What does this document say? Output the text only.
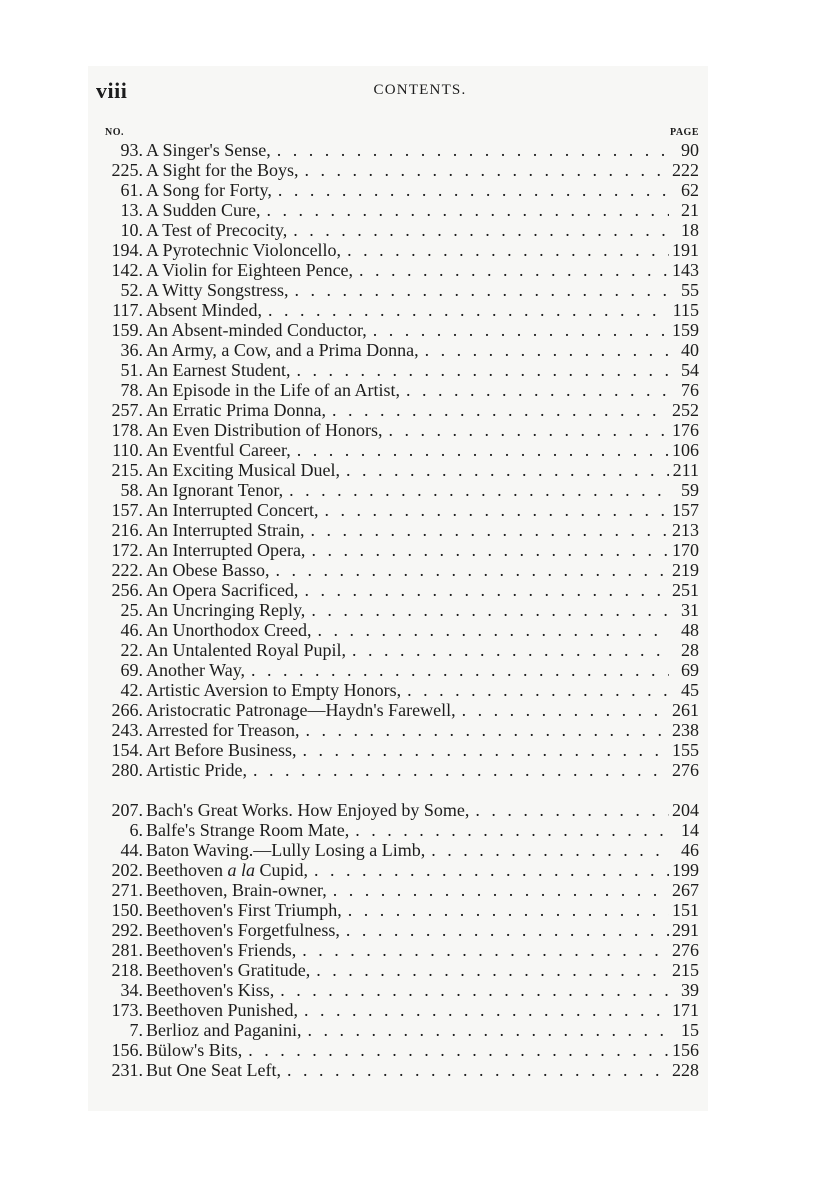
viii	CONTENTS.
NO.	PAGE
93. A Singer's Sense, . . .	90
225. A Sight for the Boys, . . .	222
61. A Song for Forty, . . .	62
13. A Sudden Cure, . . .	21
10. A Test of Precocity, . . .	18
194. A Pyrotechnic Violoncello, . . .	191
142. A Violin for Eighteen Pence, . . .	143
52. A Witty Songstress, . . .	55
117. Absent Minded, . . .	115
159. An Absent-minded Conductor, . . .	159
36. An Army, a Cow, and a Prima Donna, . . .	40
51. An Earnest Student, . . .	54
78. An Episode in the Life of an Artist, . . .	76
257. An Erratic Prima Donna, . . .	252
178. An Even Distribution of Honors, . . .	176
110. An Eventful Career, . . .	106
215. An Exciting Musical Duel, . . .	211
58. An Ignorant Tenor, . . .	59
157. An Interrupted Concert, . . .	157
216. An Interrupted Strain, . . .	213
172. An Interrupted Opera, . . .	170
222. An Obese Basso, . . .	219
256. An Opera Sacrificed, . . .	251
25. An Uncringing Reply, . . .	31
46. An Unorthodox Creed, . . .	48
22. An Untalented Royal Pupil, . . .	28
69. Another Way, . . .	69
42. Artistic Aversion to Empty Honors, . . .	45
266. Aristocratic Patronage—Haydn's Farewell, . . .	261
243. Arrested for Treason, . . .	238
154. Art Before Business, . . .	155
280. Artistic Pride, . . .	276
207. Bach's Great Works. How Enjoyed by Some, . . .	204
6. Balfe's Strange Room Mate, . . .	14
44. Baton Waving.—Lully Losing a Limb, . . .	46
202. Beethoven a la Cupid, . . .	199
271. Beethoven, Brain-owner, . . .	267
150. Beethoven's First Triumph, . . .	151
292. Beethoven's Forgetfulness, . . .	291
281. Beethoven's Friends, . . .	276
218. Beethoven's Gratitude, . . .	215
34. Beethoven's Kiss, . . .	39
173. Beethoven Punished, . . .	171
7. Berlioz and Paganini, . . .	15
156. Bülow's Bits, . . .	156
231. But One Seat Left, . . .	228
